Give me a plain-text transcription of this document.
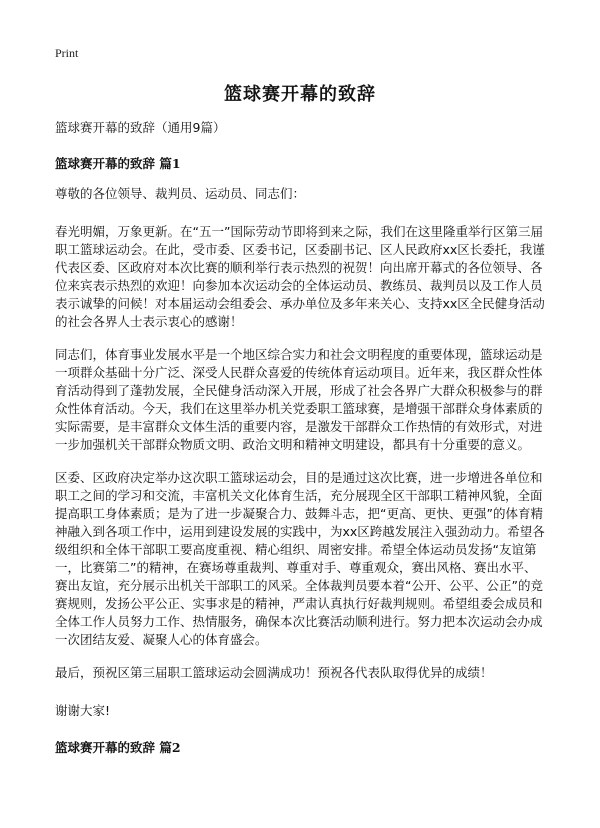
Print
篮球赛开幕的致辞

篮球赛开幕的致辞（通用9篇）

篮球赛开幕的致辞 篇1

尊敬的各位领导、裁判员、运动员、同志们：

春光明媚，万象更新。在“五一”国际劳动节即将到来之际，我们在这里隆重举行区第三届职工篮球运动会。在此，受市委、区委书记，区委副书记、区人民政府xx区长委托，我谨代表区委、区政府对本次比赛的顺利举行表示热烈的祝贺！向出席开幕式的各位领导、各位来宾表示热烈的欢迎！向参加本次运动会的全体运动员、教练员、裁判员以及工作人员表示诚挚的问候！对本届运动会组委会、承办单位及多年来关心、支持xx区全民健身活动的社会各界人士表示衷心的感谢！

同志们，体育事业发展水平是一个地区综合实力和社会文明程度的重要体现，篮球运动是一项群众基础十分广泛、深受人民群众喜爱的传统体育运动项目。近年来，我区群众性体育活动得到了蓬勃发展，全民健身活动深入开展，形成了社会各界广大群众积极参与的群众性体育活动。今天，我们在这里举办机关党委职工篮球赛，是增强干部群众身体素质的实际需要，是丰富群众文体生活的重要内容，是激发干部群众工作热情的有效形式，对进一步加强机关干部群众物质文明、政治文明和精神文明建设，都具有十分重要的意义。

区委、区政府决定举办这次职工篮球运动会，目的是通过这次比赛，进一步增进各单位和职工之间的学习和交流，丰富机关文化体育生活，充分展现全区干部职工精神风貌，全面提高职工身体素质；是为了进一步凝聚合力、鼓舞斗志，把“更高、更快、更强”的体育精神融入到各项工作中，运用到建设发展的实践中，为xx区跨越发展注入强劲动力。希望各级组织和全体干部职工要高度重视、精心组织、周密安排。希望全体运动员发扬“友谊第一，比赛第二”的精神，在赛场尊重裁判、尊重对手、尊重观众，赛出风格、赛出水平、赛出友谊，充分展示出机关干部职工的风采。全体裁判员要本着“公开、公平、公正”的竞赛规则，发扬公平公正、实事求是的精神，严肃认真执行好裁判规则。希望组委会成员和全体工作人员努力工作、热情服务，确保本次比赛活动顺利进行。努力把本次运动会办成一次团结友爱、凝聚人心的体育盛会。

最后，预祝区第三届职工篮球运动会圆满成功！预祝各代表队取得优异的成绩！

谢谢大家!

篮球赛开幕的致辞 篇2
